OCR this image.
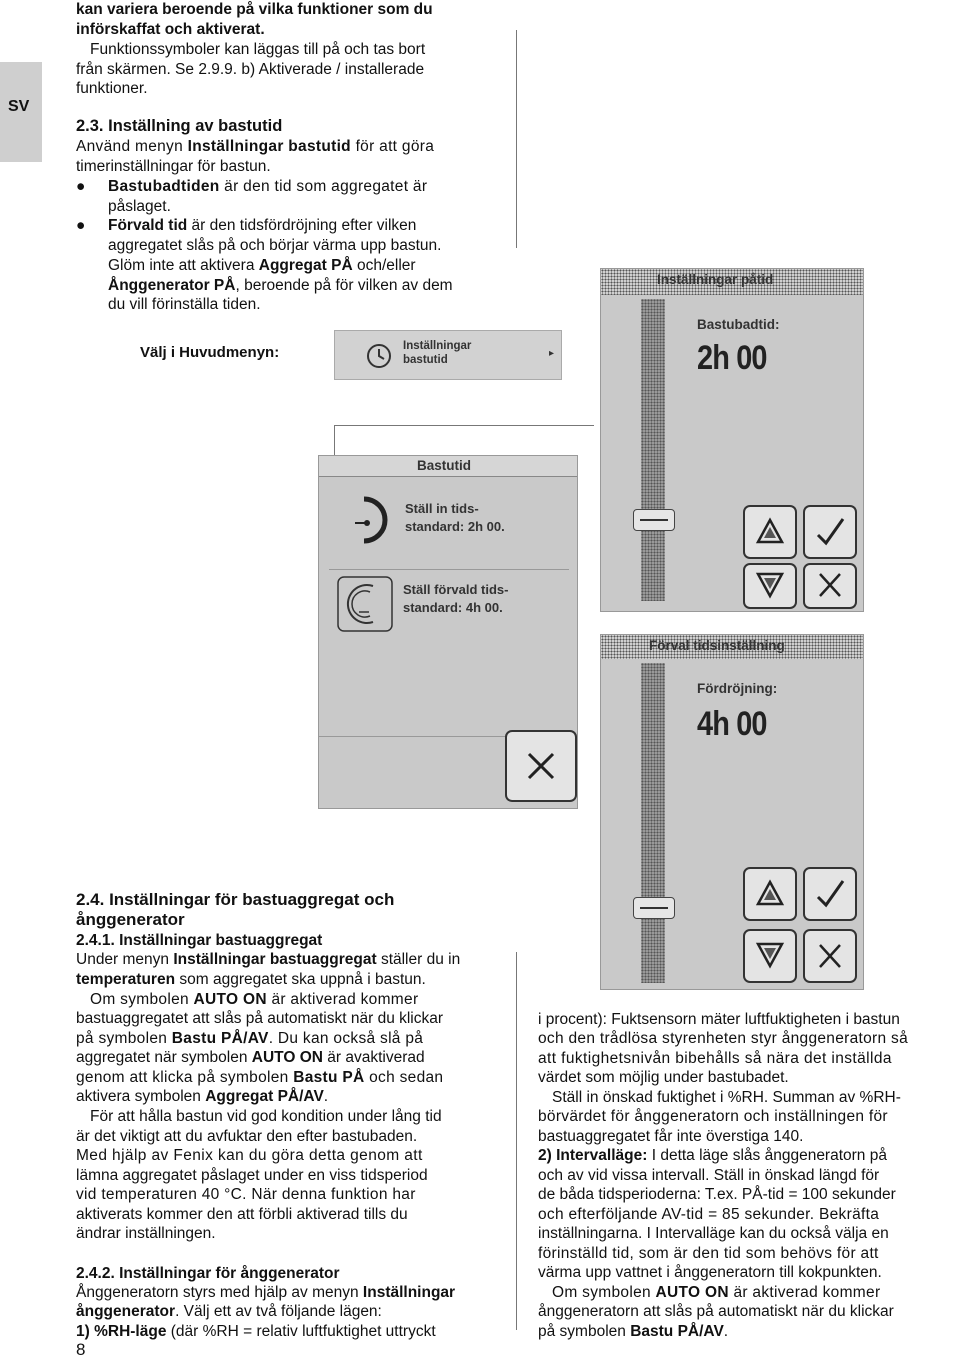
SV
kan variera beroende på vilka funktioner som du
införskaffat och aktiverat.
Funktionssymboler kan läggas till på och tas bort
från skärmen. Se 2.9.9. b) Aktiverade / installerade
funktioner.
2.3. Inställning av bastutid
Använd menyn Inställningar bastutid för att göra
timerinställningar för bastun.
● Bastubadtiden är den tid som aggregatet är
påslaget.
● Förvald tid är den tidsfördröjning efter vilken
aggregatet slås på och börjar värma upp bastun.
Glöm inte att aktivera Aggregat PÅ och/eller
Ånggenerator PÅ, beroende på för vilken av dem
du vill förinställa tiden.
Välj i Huvudmenyn:	Inställningar
bastutid
▸
Bastutid
Ställ in tids-
standard: 2h 00.
Ställ förvald tids-
standard: 4h 00.
Inställningar påtid
Bastubadtid:
2h 00
Förval tidsinställning
Fördröjning:
4h 00
2.4. Inställningar för bastuaggregat och
ånggenerator
2.4.1. Inställningar bastuaggregat
Under menyn Inställningar bastuaggregat ställer du in
temperaturen som aggregatet ska uppnå i bastun.
Om symbolen AUTO ON är aktiverad kommer
bastuaggregatet att slås på automatiskt när du klickar
på symbolen Bastu PÅ/AV. Du kan också slå på
aggregatet när symbolen AUTO ON är avaktiverad
genom att klicka på symbolen Bastu PÅ och sedan
aktivera symbolen Aggregat PÅ/AV.
För att hålla bastun vid god kondition under lång tid
är det viktigt att du avfuktar den efter bastubaden.
Med hjälp av Fenix kan du göra detta genom att
lämna aggregatet påslaget under en viss tidsperiod
vid temperaturen 40 °C. När denna funktion har
aktiverats kommer den att förbli aktiverad tills du
ändrar inställningen.
2.4.2. Inställningar för ånggenerator
Ånggeneratorn styrs med hjälp av menyn Inställningar
ånggenerator. Välj ett av två följande lägen:
1) %RH-läge (där %RH = relativ luftfuktighet uttryckt
8
i procent): Fuktsensorn mäter luftfuktigheten i bastun
och den trådlösa styrenheten styr ånggeneratorn så
att fuktighetsnivån bibehålls så nära det inställda
värdet som möjlig under bastubadet.
Ställ in önskad fuktighet i %RH. Summan av %RH-
börvärdet för ånggeneratorn och inställningen för
bastuaggregatet får inte överstiga 140.
2) Intervalläge: I detta läge slås ånggeneratorn på
och av vid vissa intervall. Ställ in önskad längd för
de båda tidsperioderna: T.ex. PÅ-tid = 100 sekunder
och efterföljande AV-tid = 85 sekunder. Bekräfta
inställningarna. I Intervalläge kan du också välja en
förinställd tid, som är den tid som behövs för att
värma upp vattnet i ånggeneratorn till kokpunkten.
Om symbolen AUTO ON är aktiverad kommer
ånggeneratorn att slås på automatiskt när du klickar
på symbolen Bastu PÅ/AV.
